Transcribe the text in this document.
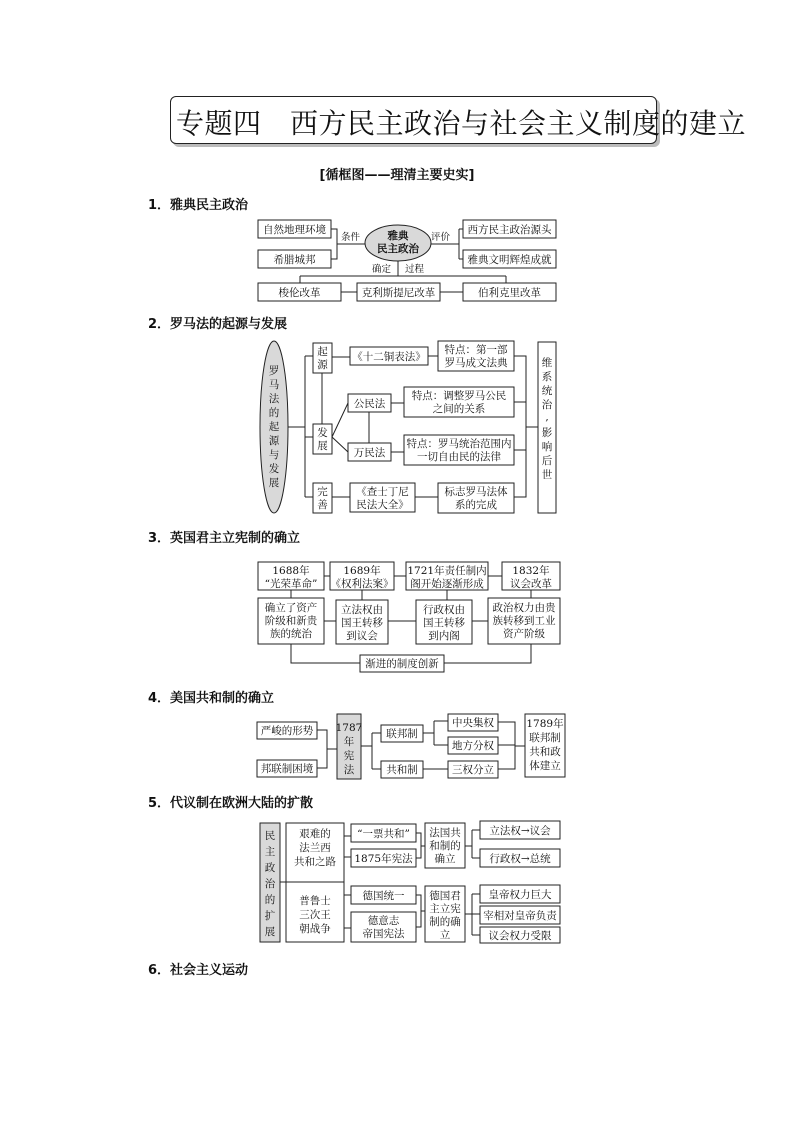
专题四　西方民主政治与社会主义制度的建立
[循框图——理清主要史实]
1．雅典民主政治
2．罗马法的起源与发展
3．英国君主立宪制的确立
4．美国共和制的确立
5．代议制在欧洲大陆的扩散
6．社会主义运动
自然地理环境
希腊城邦
条件	雅典
民主政治
评价
西方民主政治源头
雅典文明辉煌成就
确定 过程
梭伦改革	克利斯提尼改革	伯利克里改革
罗
马
法
的
起
源
与
发
展
起
源
发
展
完
善
《十二铜表法》
公民法
万民法
《查士丁尼
民法大全》
特点：第一部
罗马成文法典
特点：调整罗马公民
之间的关系
特点：罗马统治范围内
一切自由民的法律
标志罗马法体
系的完成
维
系
统
治
,
影
响
后
世
1688年
“光荣革命”
1689年
《权利法案》
1721年责任制内
阁开始逐渐形成
1832年
议会改革
确立了资产
阶级和新贵
族的统治
立法权由
国王转移
到议会
行政权由
国王转移
到内阁
政治权力由贵
族转移到工业
资产阶级
渐进的制度创新
严峻的形势
邦联制困境
1787
年
宪
法
联邦制
共和制
中央集权
地方分权
三权分立
1789年
联邦制
共和政
体建立
民
主
政
治
的
扩
展
艰难的
法兰西
共和之路
普鲁士
三次王
朝战争
“一票共和”
1875年宪法
德国统一
德意志
帝国宪法
法国共
和制的
确立
德国君
主立宪
制的确
立
立法权→议会
行政权→总统
皇帝权力巨大
宰相对皇帝负责
议会权力受限
